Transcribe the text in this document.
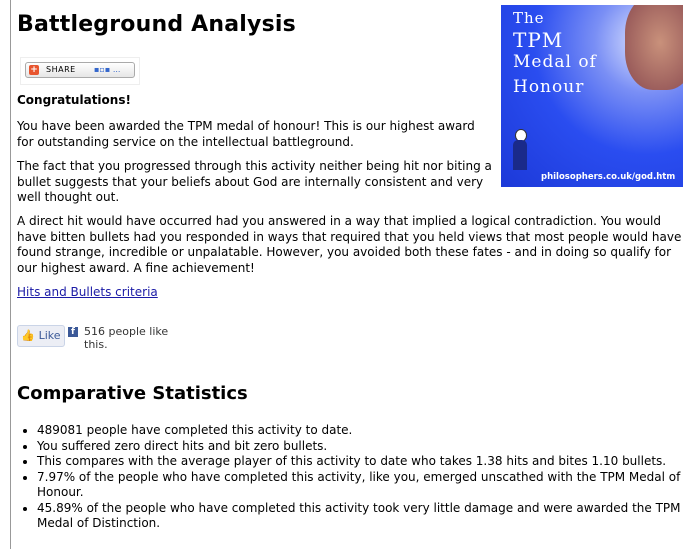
Battleground Analysis
+ SHARE ▪▫▪ ...

Congratulations!

You have been awarded the TPM medal of honour! This is our highest award for outstanding service on the intellectual battleground.

The fact that you progressed through this activity neither being hit nor biting a bullet suggests that your beliefs about God are internally consistent and very well thought out.

A direct hit would have occurred had you answered in a way that implied a logical contradiction. You would have bitten bullets had you responded in ways that required that you held views that most people would have found strange, incredible or unpalatable. However, you avoided both these fates - and in doing so qualify for our highest award. A fine achievement!

Hits and Bullets criteria
👍 Like	f 516 people like this.
Comparative Statistics
• 489081 people have completed this activity to date.
• You suffered zero direct hits and bit zero bullets.
• This compares with the average player of this activity to date who takes 1.38 hits and bites 1.10 bullets.
• 7.97% of the people who have completed this activity, like you, emerged unscathed with the TPM Medal of Honour.
• 45.89% of the people who have completed this activity took very little damage and were awarded the TPM Medal of Distinction.
The
TPM
Medal of
Honour
philosophers.co.uk/god.htm
